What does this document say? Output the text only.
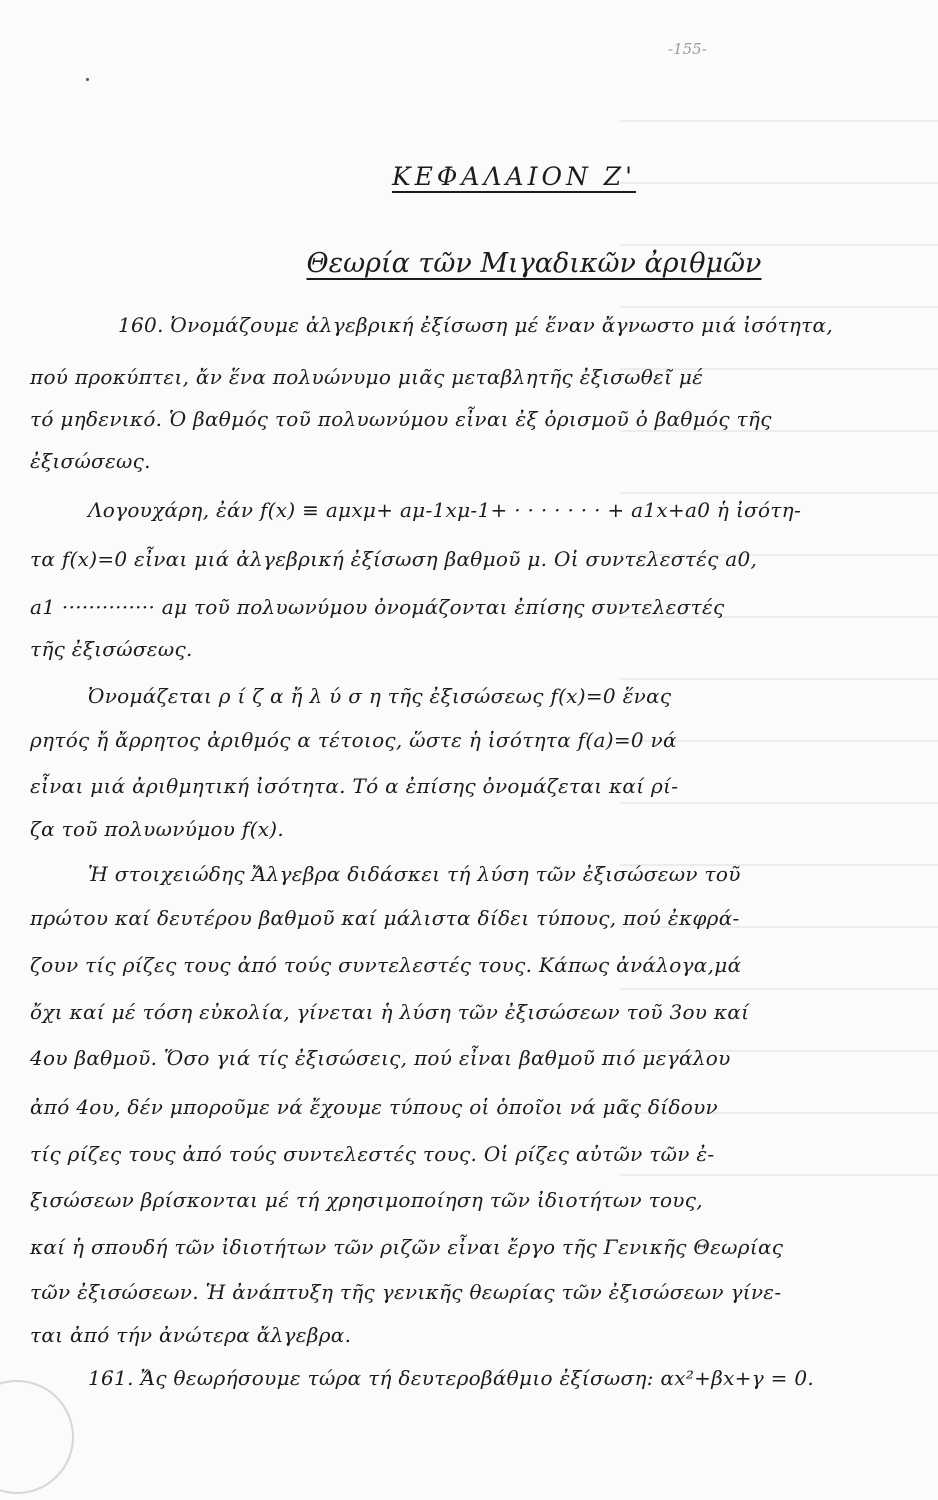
-155-
ΚΕΦΑΛΑΙΟΝ Ζ'
Θεωρία τῶν Μιγαδικῶν ἀριθμῶν
160. Ὀνομάζουμε ἀλγεβρική ἐξίσωση μέ ἕναν ἄγνωστο μιά ἰσότητα,
πού προκύπτει, ἄν ἕνα πολυώνυμο μιᾶς μεταβλητῆς ἐξισωθεῖ μέ
τό μηδενικό. Ὁ βαθμός τοῦ πολυωνύμου εἶναι ἐξ ὁρισμοῦ ὁ βαθμός τῆς
ἐξισώσεως.
Λογουχάρη, ἐάν f(x) ≡ aμxμ+ aμ-1xμ-1+ · · · · · · · + a1x+a0 ἡ ἰσότη-
τα f(x)=0 εἶναι μιά ἀλγεβρική ἐξίσωση βαθμοῦ μ. Οἱ συντελεστές a0,
a1 ·············· aμ τοῦ πολυωνύμου ὀνομάζονται ἐπίσης συντελεστές
τῆς ἐξισώσεως.
Ὀνομάζεται ρ ί ζ α ἤ λ ύ σ η τῆς ἐξισώσεως f(x)=0 ἕνας
ρητός ἤ ἄρρητος ἀριθμός α τέτοιος, ὥστε ἡ ἰσότητα f(a)=0 νά
εἶναι μιά ἀριθμητική ἰσότητα. Τό α ἐπίσης ὀνομάζεται καί ρί-
ζα τοῦ πολυωνύμου f(x).
Ἡ στοιχειώδης Ἄλγεβρα διδάσκει τή λύση τῶν ἐξισώσεων τοῦ
πρώτου καί δευτέρου βαθμοῦ καί μάλιστα δίδει τύπους, πού ἐκφρά-
ζουν τίς ρίζες τους ἀπό τούς συντελεστές τους. Κάπως ἀνάλογα,μά
ὄχι καί μέ τόση εὐκολία, γίνεται ἡ λύση τῶν ἐξισώσεων τοῦ 3ου καί
4ου βαθμοῦ. Ὅσο γιά τίς ἐξισώσεις, πού εἶναι βαθμοῦ πιό μεγάλου
ἀπό 4ου, δέν μποροῦμε νά ἔχουμε τύπους οἱ ὁποῖοι νά μᾶς δίδουν
τίς ρίζες τους ἀπό τούς συντελεστές τους. Οἱ ρίζες αὐτῶν τῶν ἐ-
ξισώσεων βρίσκονται μέ τή χρησιμοποίηση τῶν ἰδιοτήτων τους,
καί ἡ σπουδή τῶν ἰδιοτήτων τῶν ριζῶν εἶναι ἔργο τῆς Γενικῆς Θεωρίας
τῶν ἐξισώσεων. Ἡ ἀνάπτυξη τῆς γενικῆς θεωρίας τῶν ἐξισώσεων γίνε-
ται ἀπό τήν ἀνώτερα ἄλγεβρα.
161. Ἄς θεωρήσουμε τώρα τή δευτεροβάθμιο ἐξίσωση: αx²+βx+γ = 0.
